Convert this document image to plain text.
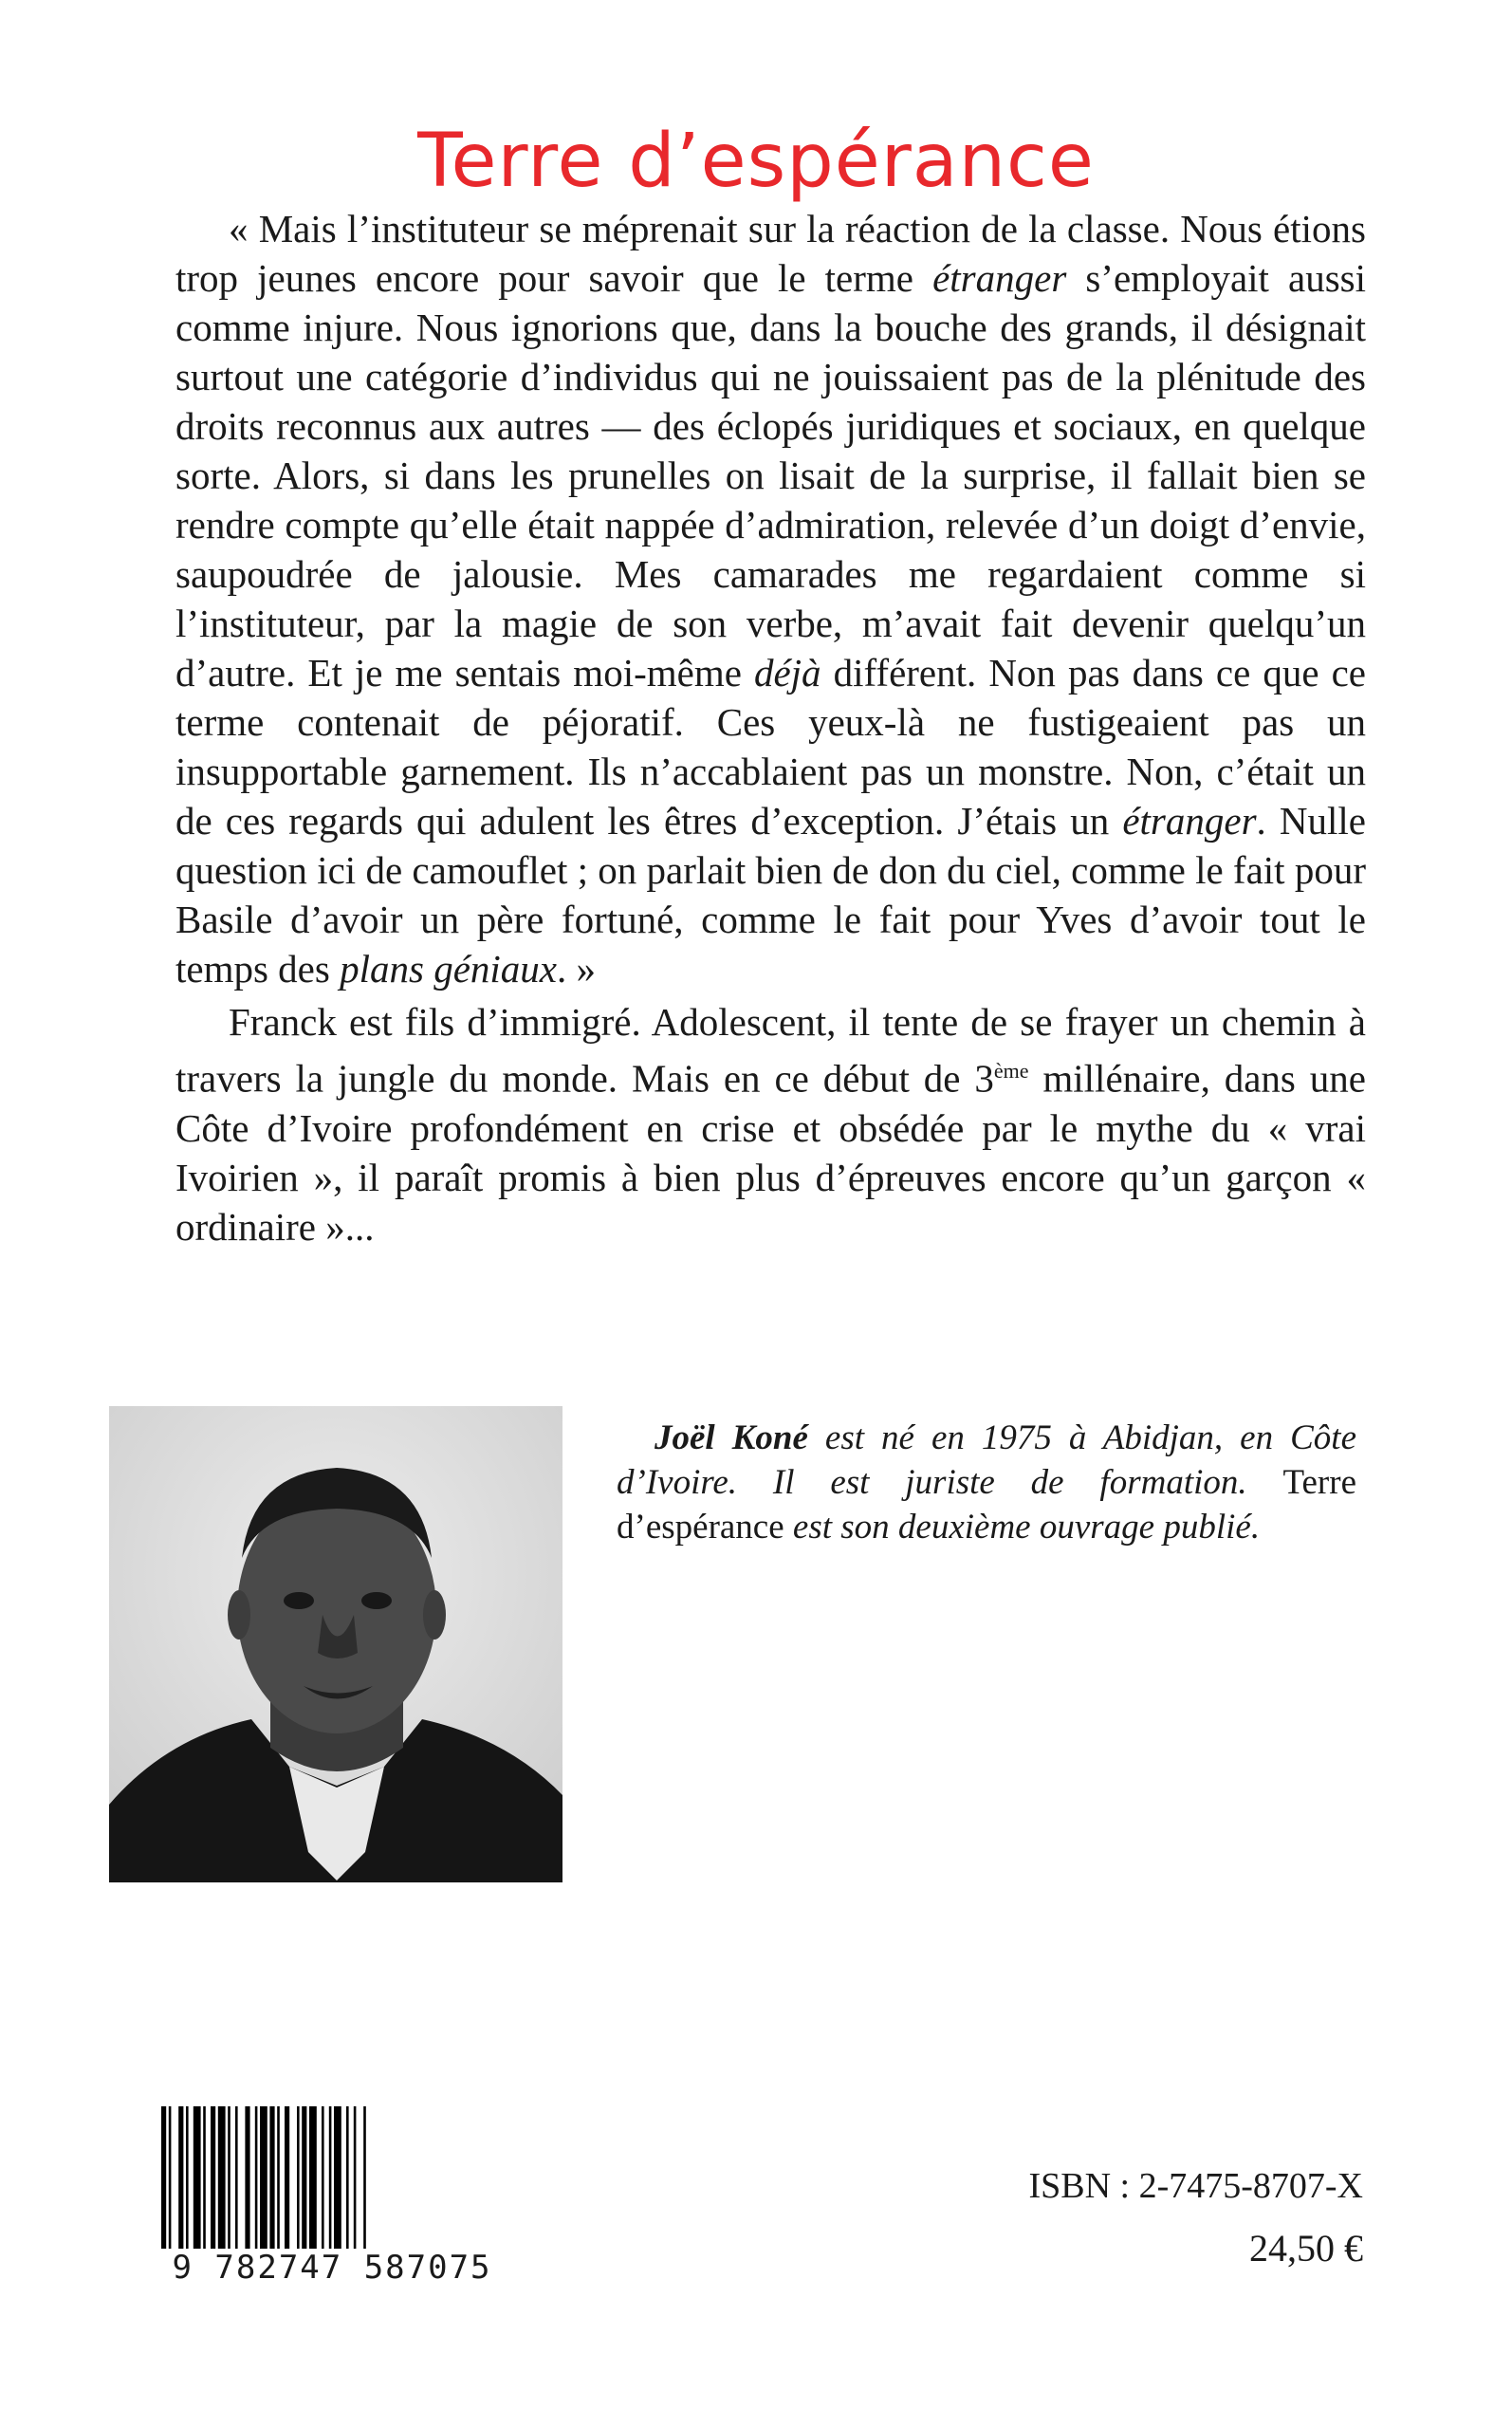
Terre d’espérance

« Mais l’instituteur se méprenait sur la réaction de la classe. Nous étions trop jeunes encore pour savoir que le terme étranger s’employait aussi comme injure. Nous ignorions que, dans la bouche des grands, il désignait surtout une catégorie d’individus qui ne jouissaient pas de la plénitude des droits reconnus aux autres — des éclopés juridiques et sociaux, en quelque sorte. Alors, si dans les prunelles on lisait de la surprise, il fallait bien se rendre compte qu’elle était nappée d’admiration, relevée d’un doigt d’envie, saupoudrée de jalousie. Mes camarades me regardaient comme si l’instituteur, par la magie de son verbe, m’avait fait devenir quelqu’un d’autre. Et je me sentais moi-même déjà différent. Non pas dans ce que ce terme contenait de péjoratif. Ces yeux-là ne fustigeaient pas un insupportable garnement. Ils n’accablaient pas un monstre. Non, c’était un de ces regards qui adulent les êtres d’exception. J’étais un étranger. Nulle question ici de camouflet ; on parlait bien de don du ciel, comme le fait pour Basile d’avoir un père fortuné, comme le fait pour Yves d’avoir tout le temps des plans géniaux. »

Franck est fils d’immigré. Adolescent, il tente de se frayer un chemin à travers la jungle du monde. Mais en ce début de 3ème millénaire, dans une Côte d’Ivoire profondément en crise et obsédée par le mythe du « vrai Ivoirien », il paraît promis à bien plus d’épreuves encore qu’un garçon « ordinaire »...

Joël Koné est né en 1975 à Abidjan, en Côte d’Ivoire. Il est juriste de formation. Terre d’espérance est son deuxième ouvrage publié.
9 782747 587075
ISBN : 2-7475-8707-X
24,50 €
